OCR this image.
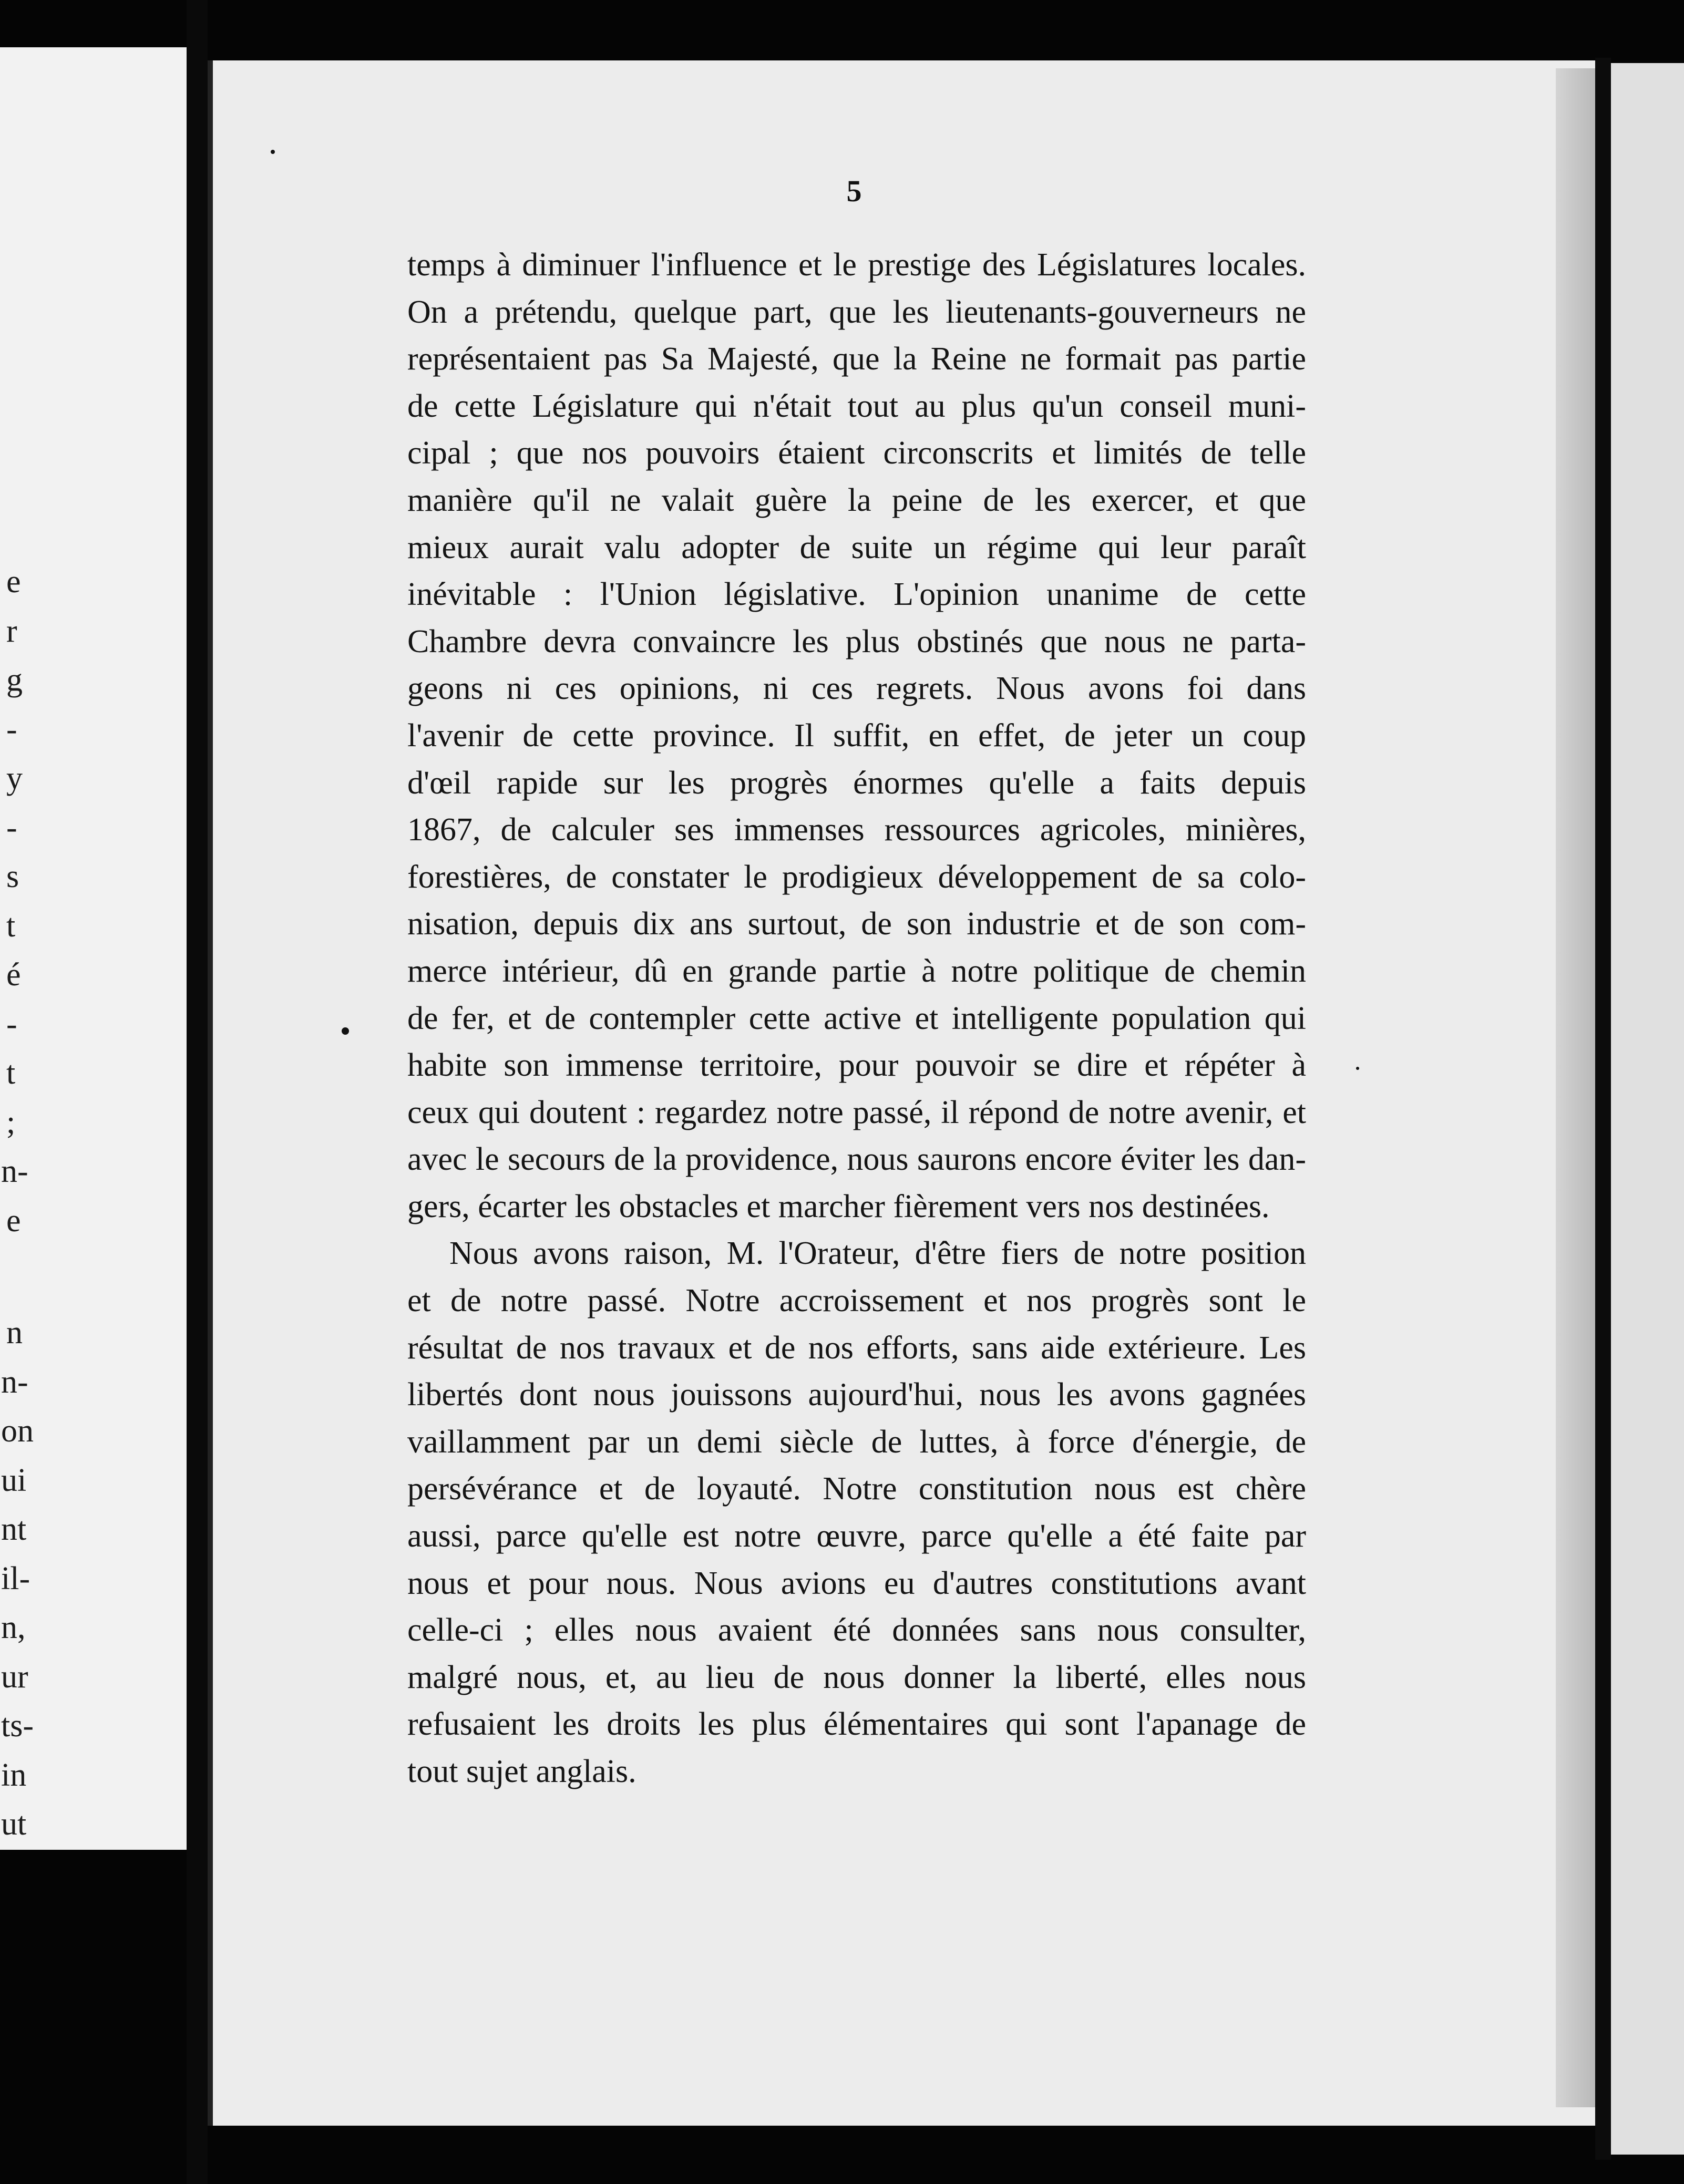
e
r
g
-
y
-
s
t
é
-
t
;
n-
e
n
n-
on
ui
nt
il-
n,
ur
ts-
in
ut
5
temps à diminuer l'influence et le prestige des Législatures locales.
On a prétendu, quelque part, que les lieutenants-gouverneurs ne
représentaient pas Sa Majesté, que la Reine ne formait pas partie
de cette Législature qui n'était tout au plus qu'un conseil muni-
cipal ; que nos pouvoirs étaient circonscrits et limités de telle
manière qu'il ne valait guère la peine de les exercer, et que
mieux aurait valu adopter de suite un régime qui leur paraît
inévitable : l'Union législative. L'opinion unanime de cette
Chambre devra convaincre les plus obstinés que nous ne parta-
geons ni ces opinions, ni ces regrets. Nous avons foi dans
l'avenir de cette province. Il suffit, en effet, de jeter un coup
d'œil rapide sur les progrès énormes qu'elle a faits depuis
1867, de calculer ses immenses ressources agricoles, minières,
forestières, de constater le prodigieux développement de sa colo-
nisation, depuis dix ans surtout, de son industrie et de son com-
merce intérieur, dû en grande partie à notre politique de chemin
de fer, et de contempler cette active et intelligente population qui
habite son immense territoire, pour pouvoir se dire et répéter à
ceux qui doutent : regardez notre passé, il répond de notre avenir, et
avec le secours de la providence, nous saurons encore éviter les dan-
gers, écarter les obstacles et marcher fièrement vers nos destinées.
Nous avons raison, M. l'Orateur, d'être fiers de notre position
et de notre passé. Notre accroissement et nos progrès sont le
résultat de nos travaux et de nos efforts, sans aide extérieure. Les
libertés dont nous jouissons aujourd'hui, nous les avons gagnées
vaillamment par un demi siècle de luttes, à force d'énergie, de
persévérance et de loyauté. Notre constitution nous est chère
aussi, parce qu'elle est notre œuvre, parce qu'elle a été faite par
nous et pour nous. Nous avions eu d'autres constitutions avant
celle-ci ; elles nous avaient été données sans nous consulter,
malgré nous, et, au lieu de nous donner la liberté, elles nous
refusaient les droits les plus élémentaires qui sont l'apanage de
tout sujet anglais.
